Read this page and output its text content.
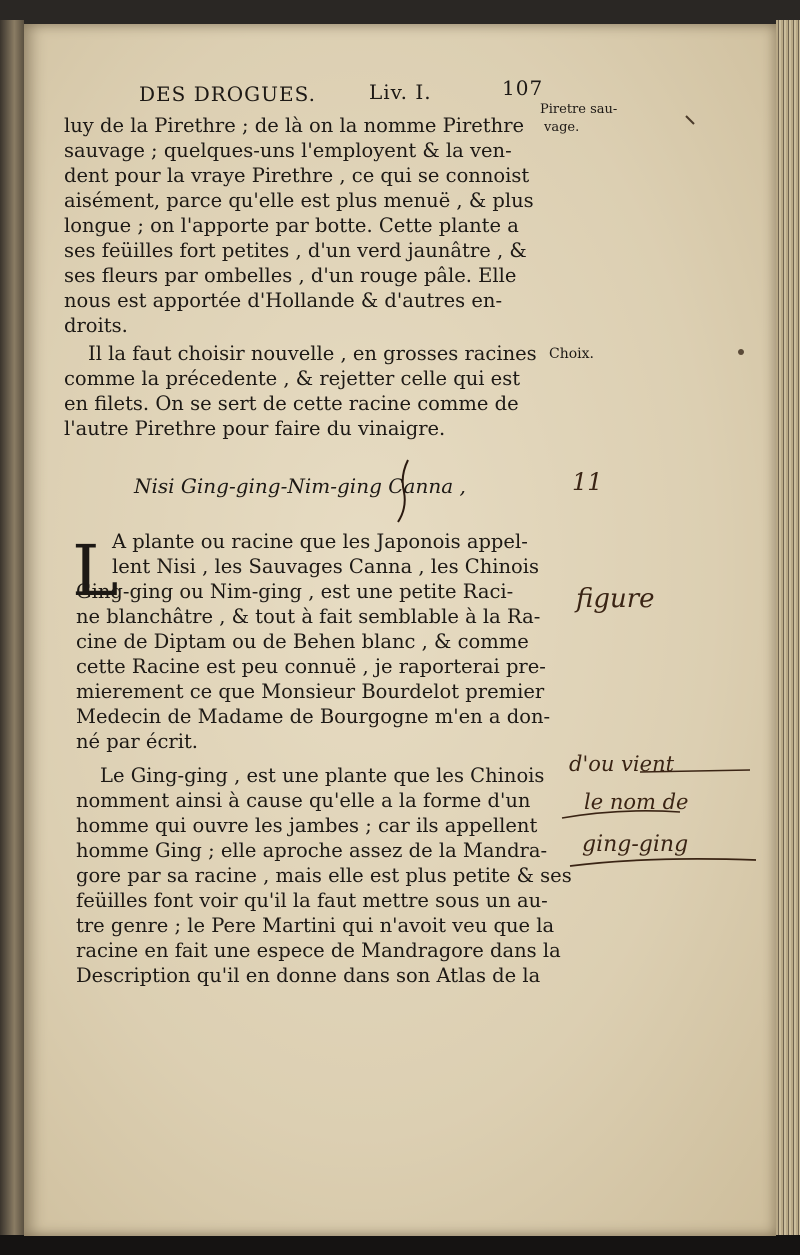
DES DROGUES.	Liv. I.	107
Piretre sau-
vage.
Choix.
luy de la Pirethre ; de là on la nomme Pirethre
sauvage ; quelques-uns l'employent & la ven-
dent pour la vraye Pirethre , ce qui se connoist
aisément, parce qu'elle est plus menuë , & plus
longue ; on l'apporte par botte. Cette plante a
ses feüilles fort petites , d'un verd jaunâtre , &
ses fleurs par ombelles , d'un rouge pâle. Elle
nous est apportée d'Hollande & d'autres en-
droits.
Il la faut choisir nouvelle , en grosses racines
comme la précedente , & rejetter celle qui est
en filets. On se sert de cette racine comme de
l'autre Pirethre pour faire du vinaigre.
Nisi Ging-ging-Nim-ging Canna ,	11
L
A plante ou racine que les Japonois appel-
lent Nisi , les Sauvages Canna , les Chinois
Ging-ging ou Nim-ging , est une petite Raci-
ne blanchâtre , & tout à fait semblable à la Ra-
cine de Diptam ou de Behen blanc , & comme
cette Racine est peu connuë , je raporterai pre-
mierement ce que Monsieur Bourdelot premier
Medecin de Madame de Bourgogne m'en a don-
né par écrit.
Le Ging-ging , est une plante que les Chinois
nomment ainsi à cause qu'elle a la forme d'un
homme qui ouvre les jambes ; car ils appellent
homme Ging ; elle aproche assez de la Mandra-
gore par sa racine , mais elle est plus petite & ses
feüilles font voir qu'il la faut mettre sous un au-
tre genre ; le Pere Martini qui n'avoit veu que la
racine en fait une espece de Mandragore dans la
Description qu'il en donne dans son Atlas de la
figure
d'ou vient
le nom de
ging-ging
